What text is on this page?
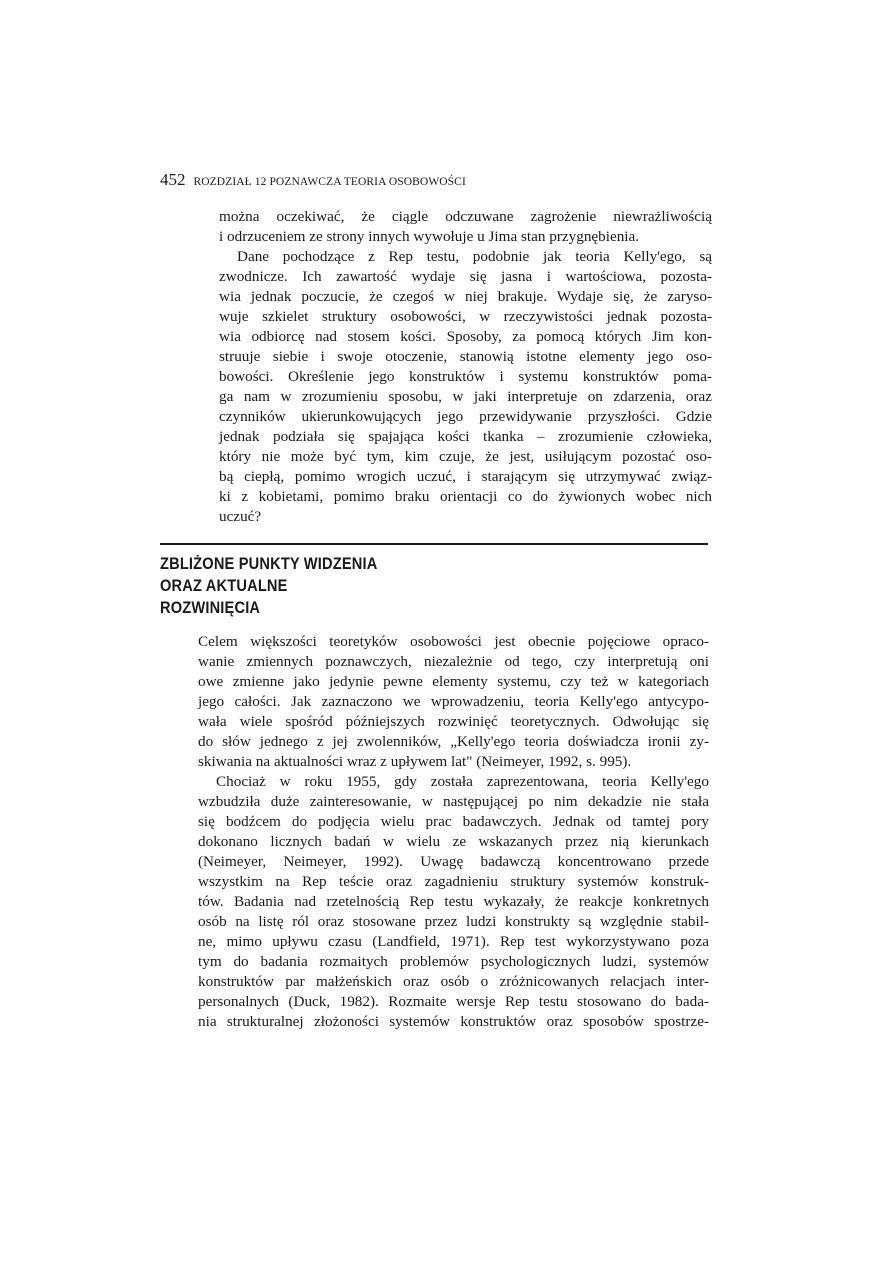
452 ROZDZIAŁ 12 POZNAWCZA TEORIA OSOBOWOŚCI
można oczekiwać, że ciągle odczuwane zagrożenie niewrażliwością
i odrzuceniem ze strony innych wywołuje u Jima stan przygnębienia.
Dane pochodzące z Rep testu, podobnie jak teoria Kelly'ego, są
zwodnicze. Ich zawartość wydaje się jasna i wartościowa, pozosta-
wia jednak poczucie, że czegoś w niej brakuje. Wydaje się, że zaryso-
wuje szkielet struktury osobowości, w rzeczywistości jednak pozosta-
wia odbiorcę nad stosem kości. Sposoby, za pomocą których Jim kon-
struuje siebie i swoje otoczenie, stanowią istotne elementy jego oso-
bowości. Określenie jego konstruktów i systemu konstruktów poma-
ga nam w zrozumieniu sposobu, w jaki interpretuje on zdarzenia, oraz
czynników ukierunkowujących jego przewidywanie przyszłości. Gdzie
jednak podziała się spajająca kości tkanka – zrozumienie człowieka,
który nie może być tym, kim czuje, że jest, usiłującym pozostać oso-
bą ciepłą, pomimo wrogich uczuć, i starającym się utrzymywać związ-
ki z kobietami, pomimo braku orientacji co do żywionych wobec nich
uczuć?
ZBLIŻONE PUNKTY WIDZENIA
ORAZ AKTUALNE
ROZWINIĘCIA
Celem większości teoretyków osobowości jest obecnie pojęciowe opraco-
wanie zmiennych poznawczych, niezależnie od tego, czy interpretują oni
owe zmienne jako jedynie pewne elementy systemu, czy też w kategoriach
jego całości. Jak zaznaczono we wprowadzeniu, teoria Kelly'ego antycypo-
wała wiele spośród późniejszych rozwinięć teoretycznych. Odwołując się
do słów jednego z jej zwolenników, „Kelly'ego teoria doświadcza ironii zy-
skiwania na aktualności wraz z upływem lat" (Neimeyer, 1992, s. 995).
Chociaż w roku 1955, gdy została zaprezentowana, teoria Kelly'ego
wzbudziła duże zainteresowanie, w następującej po nim dekadzie nie stała
się bodźcem do podjęcia wielu prac badawczych. Jednak od tamtej pory
dokonano licznych badań w wielu ze wskazanych przez nią kierunkach
(Neimeyer, Neimeyer, 1992). Uwagę badawczą koncentrowano przede
wszystkim na Rep teście oraz zagadnieniu struktury systemów konstruk-
tów. Badania nad rzetelnością Rep testu wykazały, że reakcje konkretnych
osób na listę ról oraz stosowane przez ludzi konstrukty są względnie stabil-
ne, mimo upływu czasu (Landfield, 1971). Rep test wykorzystywano poza
tym do badania rozmaitych problemów psychologicznych ludzi, systemów
konstruktów par małżeńskich oraz osób o zróżnicowanych relacjach inter-
personalnych (Duck, 1982). Rozmaite wersje Rep testu stosowano do bada-
nia strukturalnej złożoności systemów konstruktów oraz sposobów spostrze-
